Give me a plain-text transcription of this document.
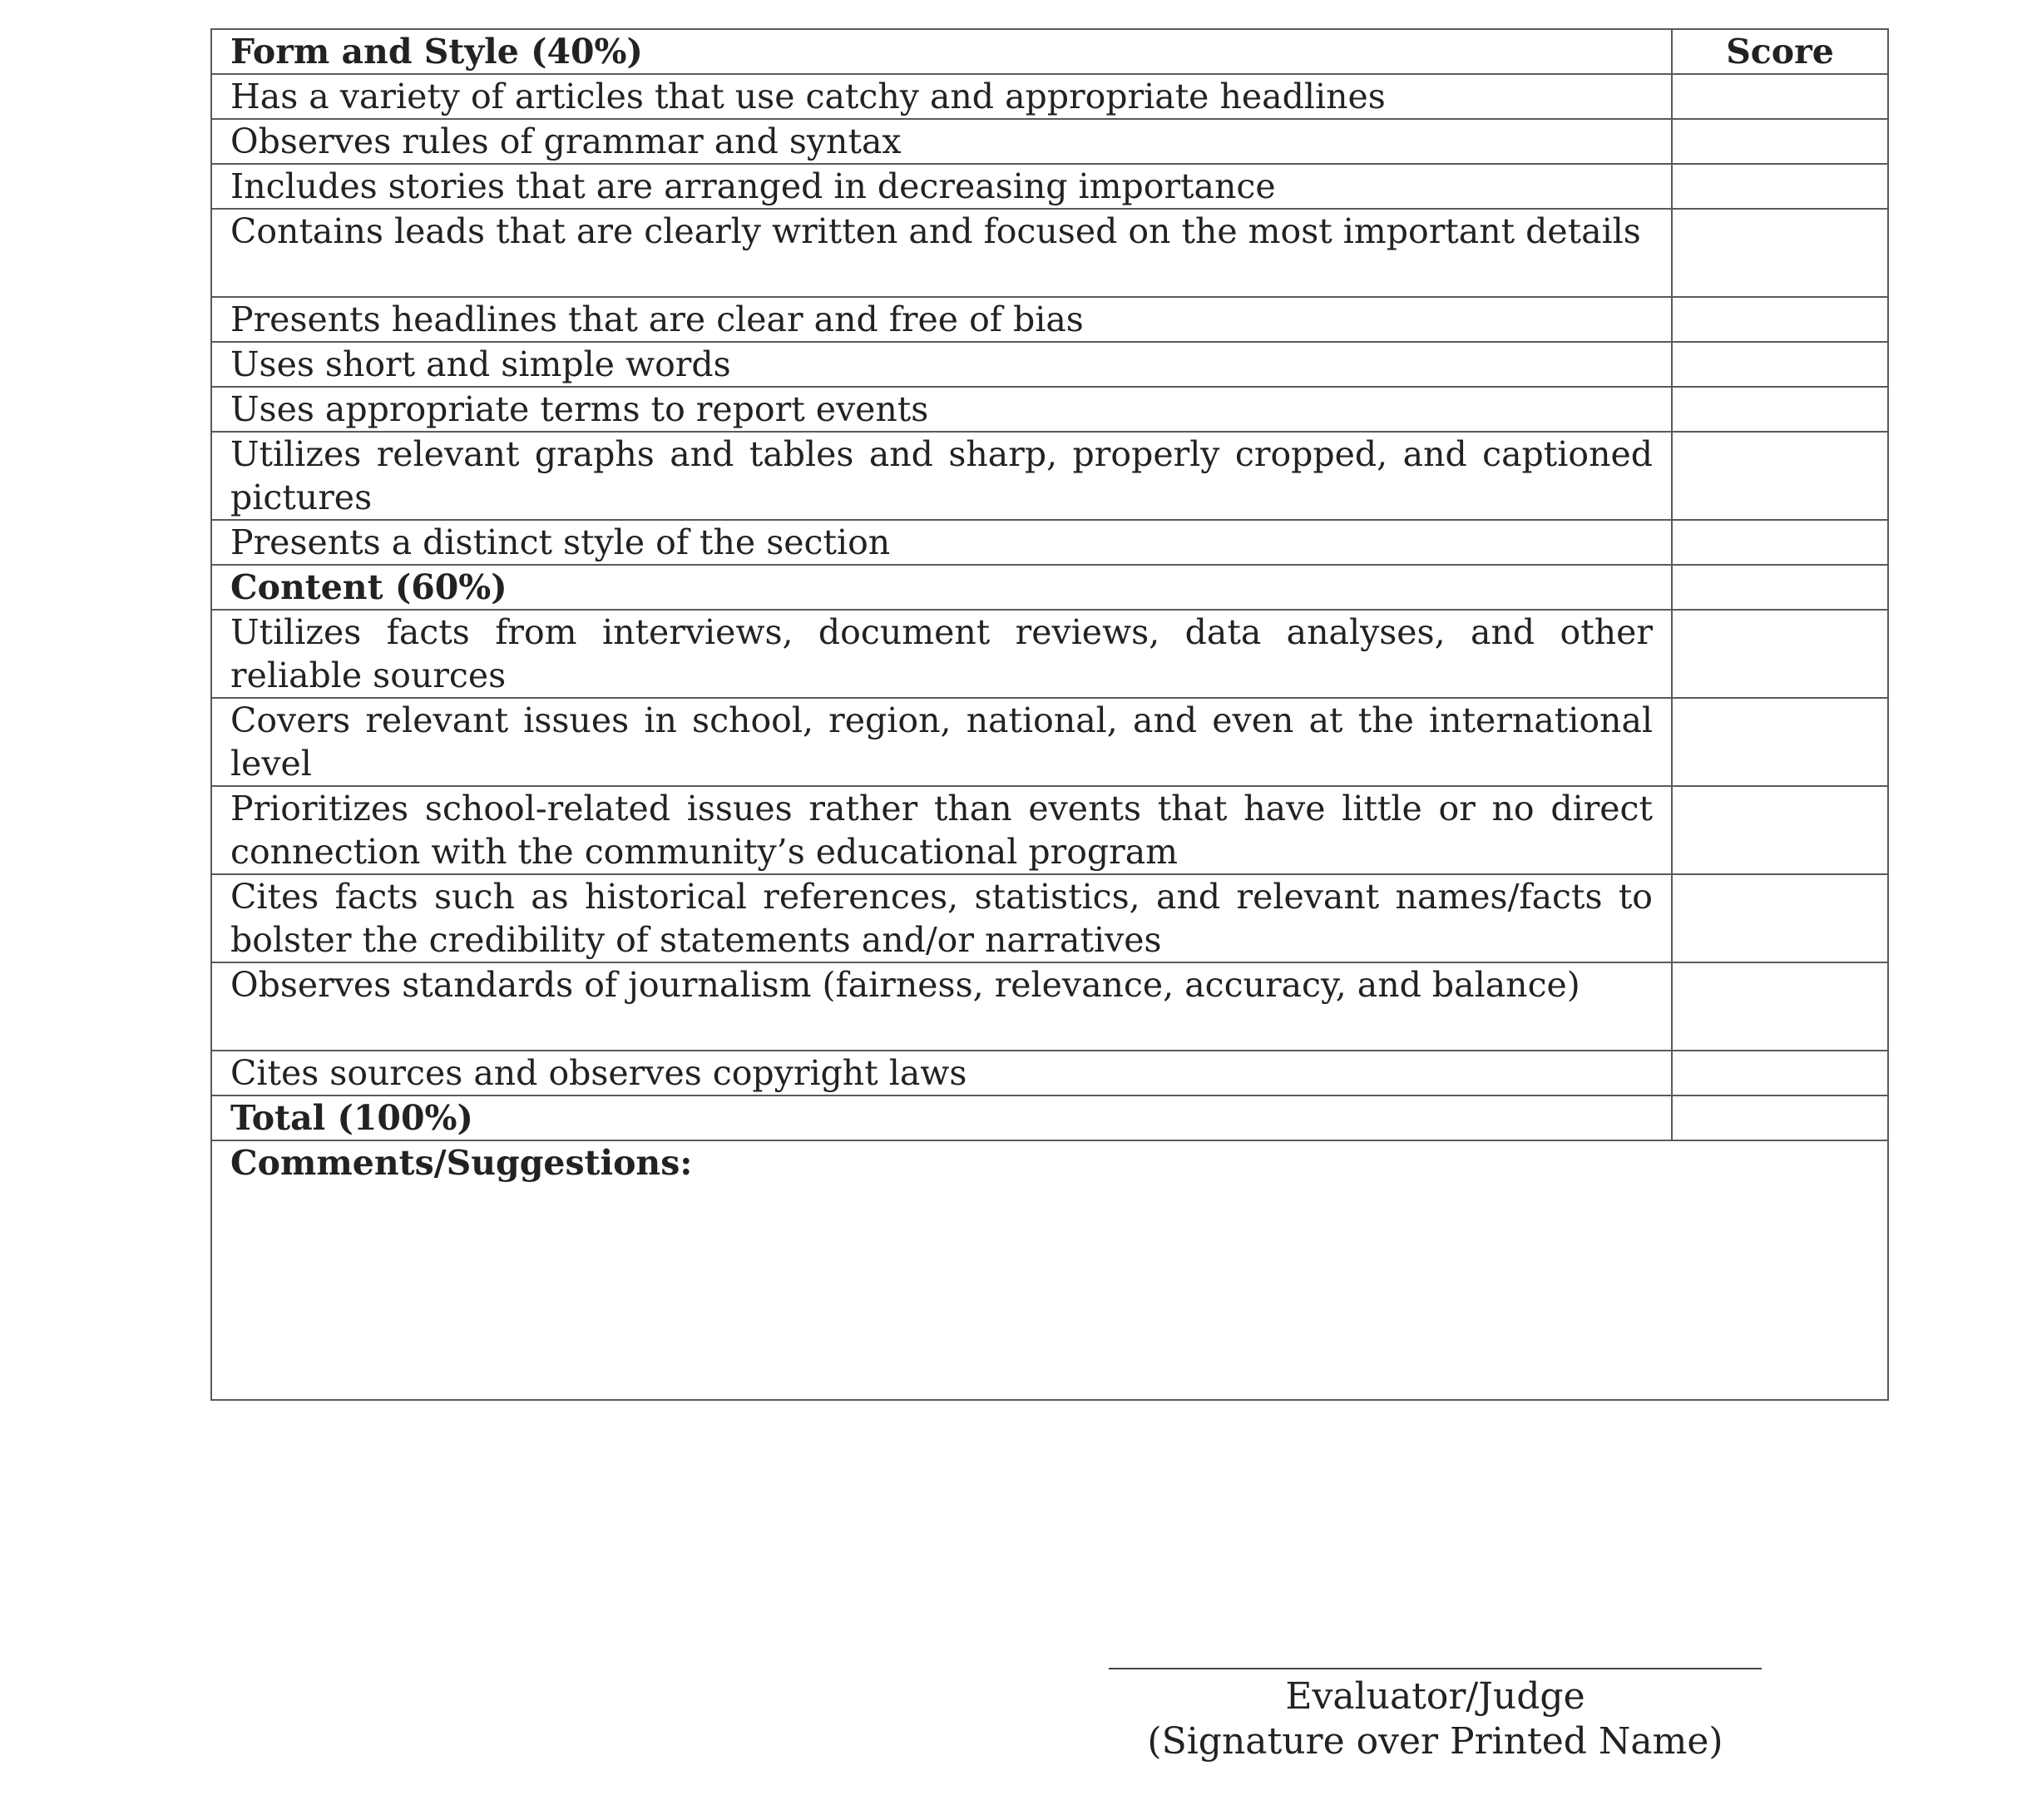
Form and Style (40%)	Score
Has a variety of articles that use catchy and appropriate headlines	
Observes rules of grammar and syntax	
Includes stories that are arranged in decreasing importance	
Contains leads that are clearly written and focused on the most important details	
Presents headlines that are clear and free of bias	
Uses short and simple words	
Uses appropriate terms to report events	
Utilizes relevant graphs and tables and sharp, properly cropped, and captioned pictures	
Presents a distinct style of the section	
Content (60%)	
Utilizes facts from interviews, document reviews, data analyses, and other reliable sources	
Covers relevant issues in school, region, national, and even at the international level	
Prioritizes school-related issues rather than events that have little or no direct connection with the community’s educational program	
Cites facts such as historical references, statistics, and relevant names/facts to bolster the credibility of statements and/or narratives	
Observes standards of journalism (fairness, relevance, accuracy, and balance)	
Cites sources and observes copyright laws	
Total (100%)	
Comments/Suggestions:	
Evaluator/Judge
(Signature over Printed Name)
